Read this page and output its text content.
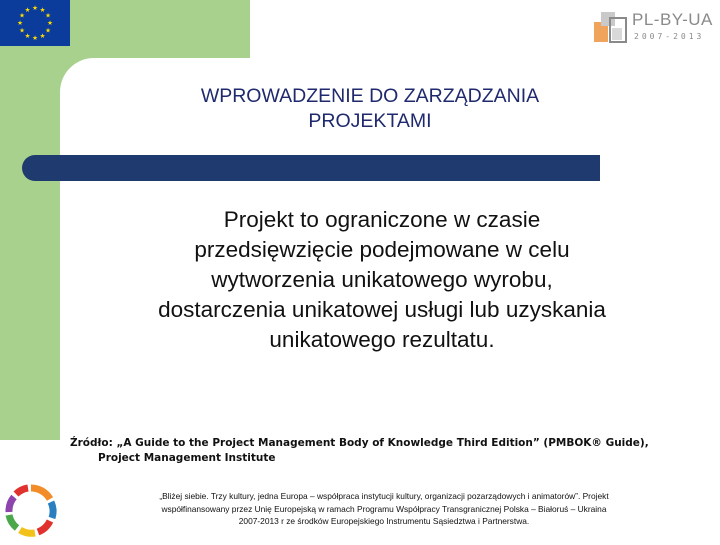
★ ★
★
★
★
★
★
★
★
★
★
★	PL-BY-UA
2007-2013
WPROWADZENIE DO ZARZĄDZANIA
PROJEKTAMI

Projekt to ograniczone w czasie
przedsięwzięcie podejmowane w celu
wytworzenia unikatowego wyrobu,
dostarczenia unikatowej usługi lub uzyskania
unikatowego rezultatu.

Źródło: „A Guide to the Project Management Body of Knowledge Third Edition” (PMBOK® Guide),
Project Management Institute

„Bliżej siebie. Trzy kultury, jedna Europa – współpraca instytucji kultury, organizacji pozarządowych i animatorów”. Projekt
współfinansowany przez Unię Europejską w ramach Programu Współpracy Transgranicznej Polska – Białoruś – Ukraina
2007-2013 r ze środków Europejskiego Instrumentu Sąsiedztwa i Partnerstwa.
